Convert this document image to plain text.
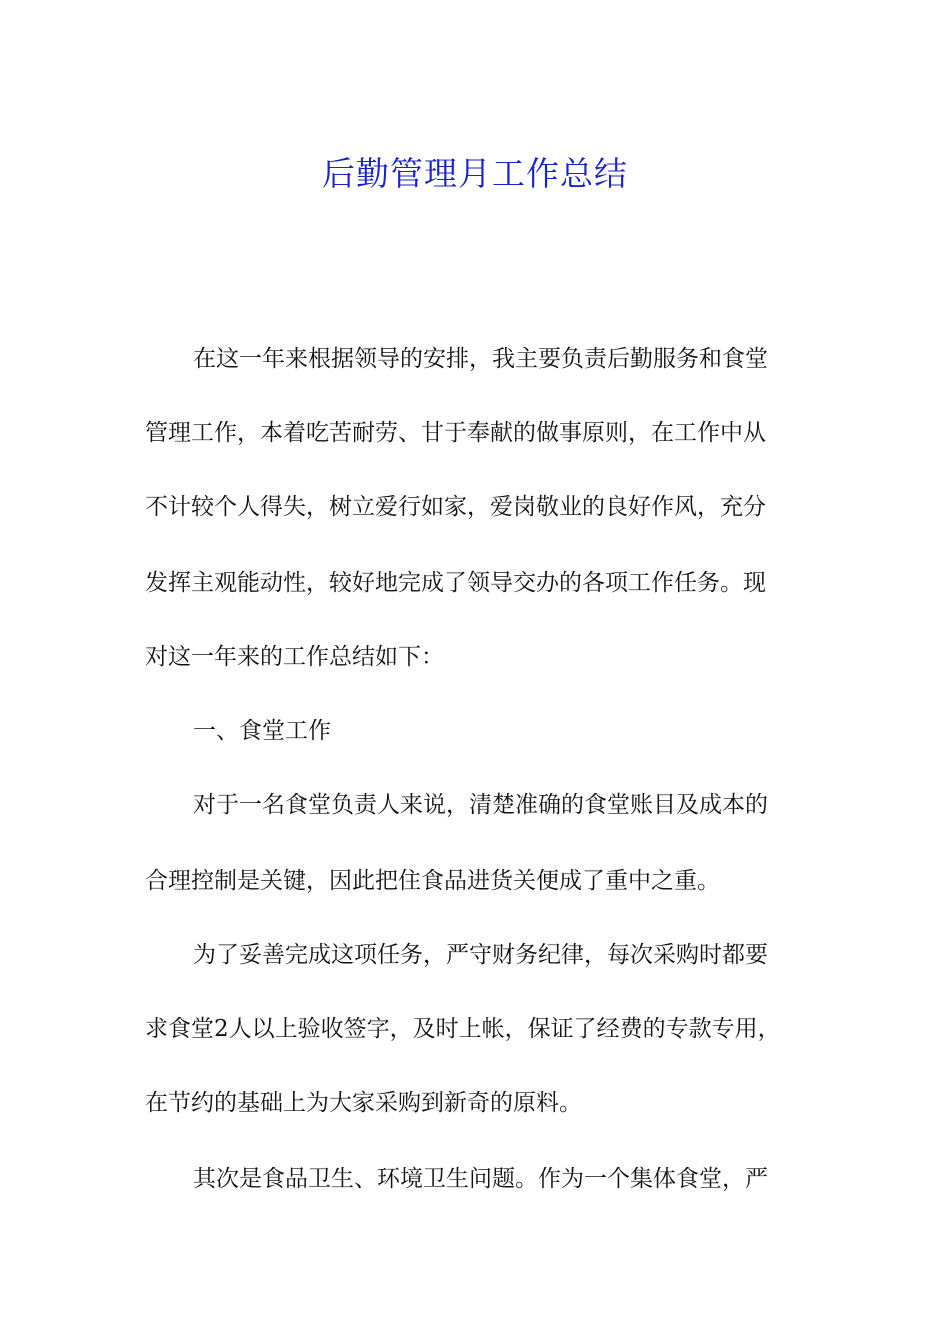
后勤管理月工作总结
在这一年来根据领导的安排，我主要负责后勤服务和食堂
管理工作，本着吃苦耐劳、甘于奉献的做事原则，在工作中从
不计较个人得失，树立爱行如家，爱岗敬业的良好作风，充分
发挥主观能动性，较好地完成了领导交办的各项工作任务。现
对这一年来的工作总结如下：
一、食堂工作
对于一名食堂负责人来说，清楚准确的食堂账目及成本的
合理控制是关键，因此把住食品进货关便成了重中之重。
为了妥善完成这项任务，严守财务纪律，每次采购时都要
求食堂2人以上验收签字，及时上帐，保证了经费的专款专用，
在节约的基础上为大家采购到新奇的原料。
其次是食品卫生、环境卫生问题。作为一个集体食堂，严
